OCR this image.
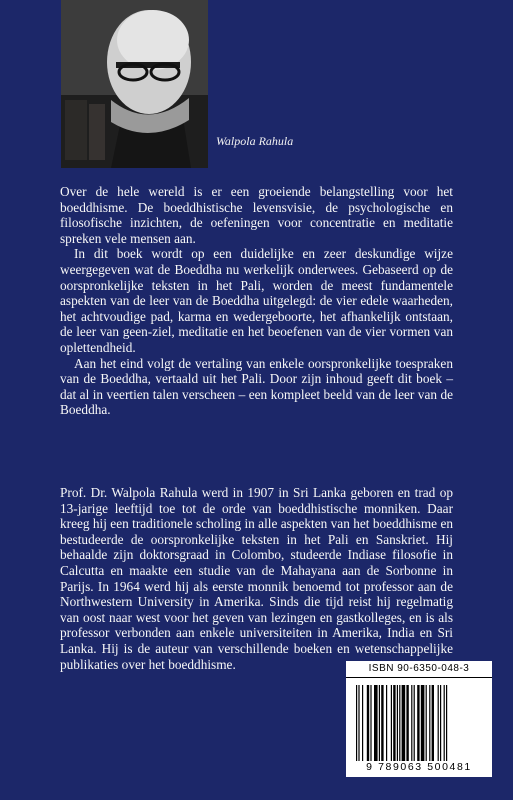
Walpola Rahula

Over de hele wereld is er een groeiende belangstelling voor het boeddhisme. De boeddhistische levensvisie, de psychologische en filosofische inzichten, de oefeningen voor concentratie en meditatie spreken vele mensen aan.

In dit boek wordt op een duidelijke en zeer deskundige wijze weergegeven wat de Boeddha nu werkelijk onderwees. Gebaseerd op de oorspronkelijke teksten in het Pali, worden de meest fundamentele aspekten van de leer van de Boeddha uitgelegd: de vier edele waarheden, het achtvoudige pad, karma en wedergeboorte, het afhankelijk ontstaan, de leer van geen-ziel, meditatie en het beoefenen van de vier vormen van oplettendheid.

Aan het eind volgt de vertaling van enkele oorspronkelijke toespraken van de Boeddha, vertaald uit het Pali. Door zijn inhoud geeft dit boek – dat al in veertien talen verscheen – een kompleet beeld van de leer van de Boeddha.

Prof. Dr. Walpola Rahula werd in 1907 in Sri Lanka geboren en trad op 13-jarige leeftijd toe tot de orde van boeddhistische monniken. Daar kreeg hij een traditionele scholing in alle aspekten van het boeddhisme en bestudeerde de oorspronkelijke teksten in het Pali en Sanskriet. Hij behaalde zijn doktorsgraad in Colombo, studeerde Indiase filosofie in Calcutta en maakte een studie van de Mahayana aan de Sorbonne in Parijs. In 1964 werd hij als eerste monnik benoemd tot professor aan de Northwestern University in Amerika. Sinds die tijd reist hij regelmatig van oost naar west voor het geven van lezingen en gastkolleges, en is als professor verbonden aan enkele universiteiten in Amerika, India en Sri Lanka. Hij is de auteur van verschillende boeken en wetenschappelijke publikaties over het boeddhisme.	ISBN 90-6350-048-3
9 789063 500481
